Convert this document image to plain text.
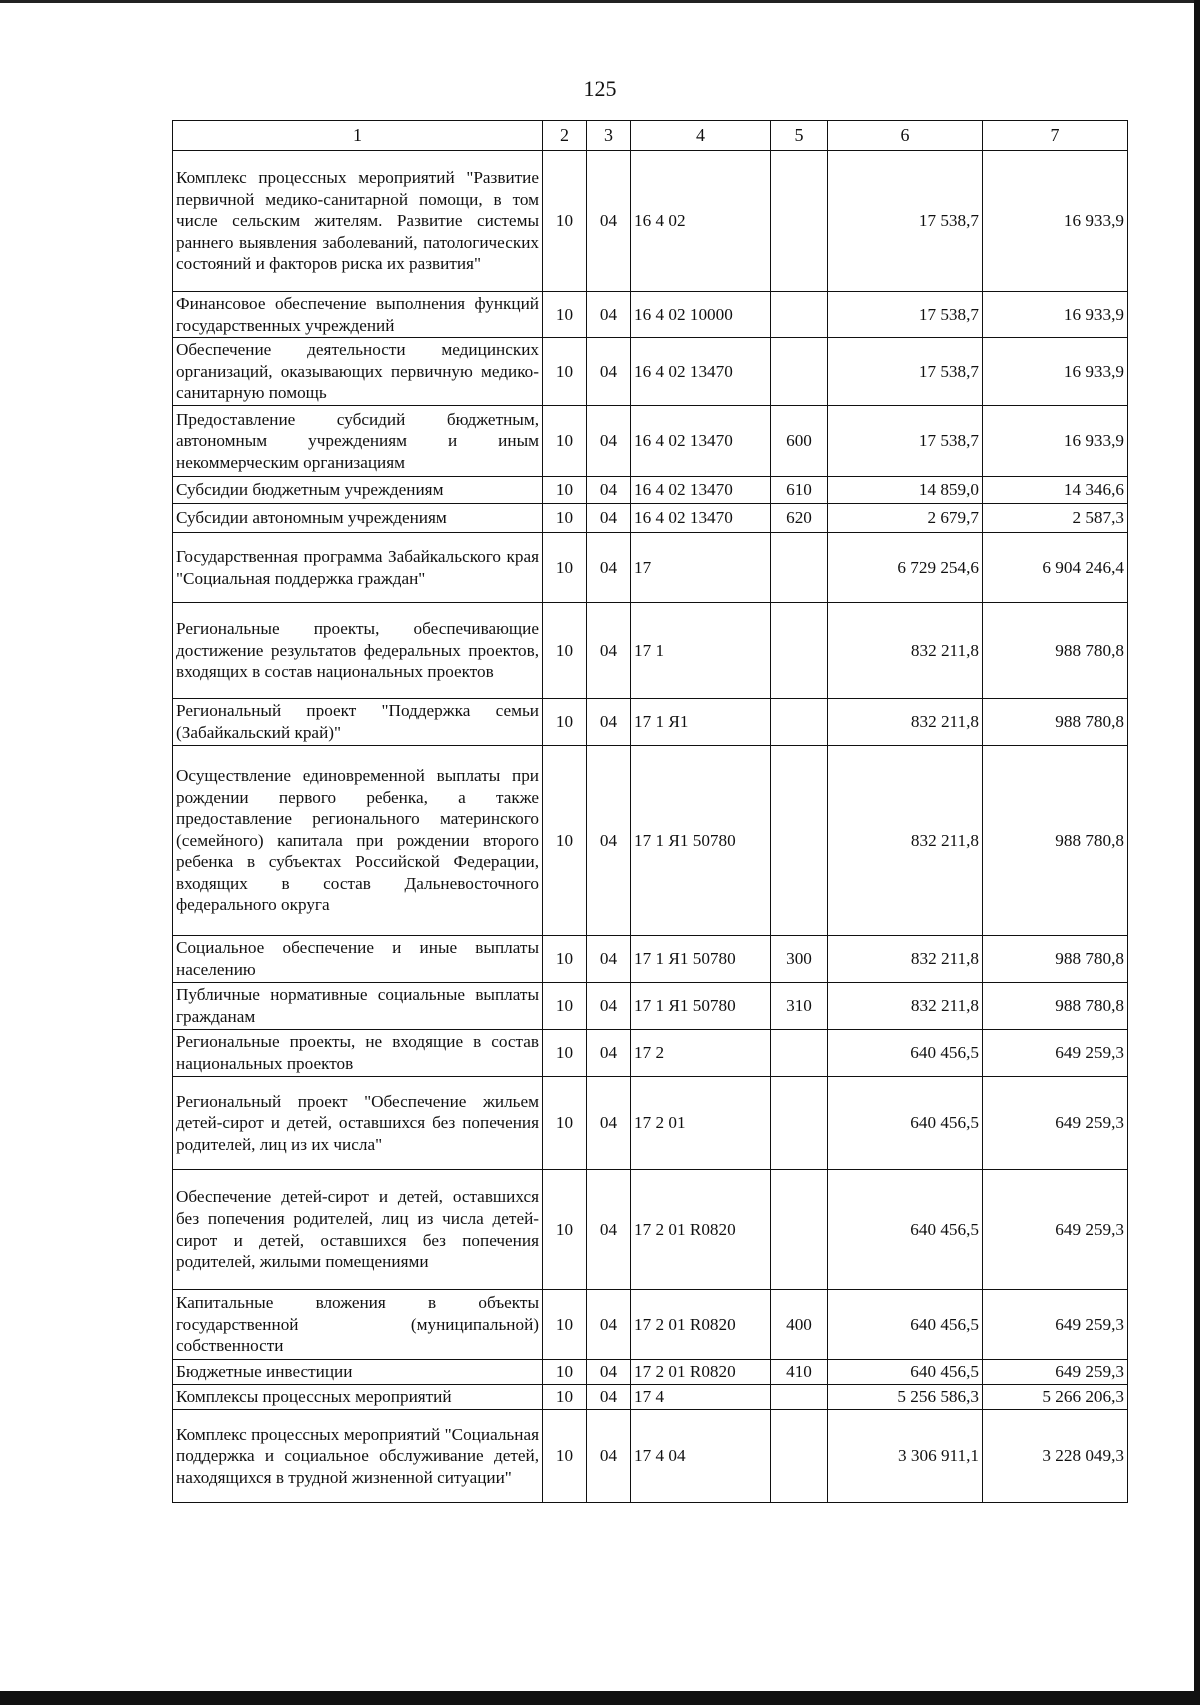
125
1	2	3	4	5	6	7
Комплекс процессных мероприятий "Развитие первичной медико-санитарной помощи, в том числе сельским жителям. Развитие системы раннего выявления заболеваний, патологических состояний и факторов риска их развития"	10	04	16 4 02		17 538,7	16 933,9
Финансовое обеспечение выполнения функций государственных учреждений	10	04	16 4 02 10000		17 538,7	16 933,9
Обеспечение деятельности медицинских организаций, оказывающих первичную медико-санитарную помощь	10	04	16 4 02 13470		17 538,7	16 933,9
Предоставление субсидий бюджетным, автономным учреждениям и иным некоммерческим организациям	10	04	16 4 02 13470	600	17 538,7	16 933,9
Субсидии бюджетным учреждениям	10	04	16 4 02 13470	610	14 859,0	14 346,6
Субсидии автономным учреждениям	10	04	16 4 02 13470	620	2 679,7	2 587,3
Государственная программа Забайкальского края "Социальная поддержка граждан"	10	04	17		6 729 254,6	6 904 246,4
Региональные проекты, обеспечивающие достижение результатов федеральных проектов, входящих в состав национальных проектов	10	04	17 1		832 211,8	988 780,8
Региональный проект "Поддержка семьи (Забайкальский край)"	10	04	17 1 Я1		832 211,8	988 780,8
Осуществление единовременной выплаты при рождении первого ребенка, а также предоставление регионального материнского (семейного) капитала при рождении второго ребенка в субъектах Российской Федерации, входящих в состав Дальневосточного федерального округа	10	04	17 1 Я1 50780		832 211,8	988 780,8
Социальное обеспечение и иные выплаты населению	10	04	17 1 Я1 50780	300	832 211,8	988 780,8
Публичные нормативные социальные выплаты гражданам	10	04	17 1 Я1 50780	310	832 211,8	988 780,8
Региональные проекты, не входящие в состав национальных проектов	10	04	17 2		640 456,5	649 259,3
Региональный проект "Обеспечение жильем детей-сирот и детей, оставшихся без попечения родителей, лиц из их числа"	10	04	17 2 01		640 456,5	649 259,3
Обеспечение детей-сирот и детей, оставшихся без попечения родителей, лиц из числа детей-сирот и детей, оставшихся без попечения родителей, жилыми помещениями	10	04	17 2 01 R0820		640 456,5	649 259,3
Капитальные вложения в объекты государственной (муниципальной) собственности	10	04	17 2 01 R0820	400	640 456,5	649 259,3
Бюджетные инвестиции	10	04	17 2 01 R0820	410	640 456,5	649 259,3
Комплексы процессных мероприятий	10	04	17 4		5 256 586,3	5 266 206,3
Комплекс процессных мероприятий "Социальная поддержка и социальное обслуживание детей, находящихся в трудной жизненной ситуации"	10	04	17 4 04		3 306 911,1	3 228 049,3
